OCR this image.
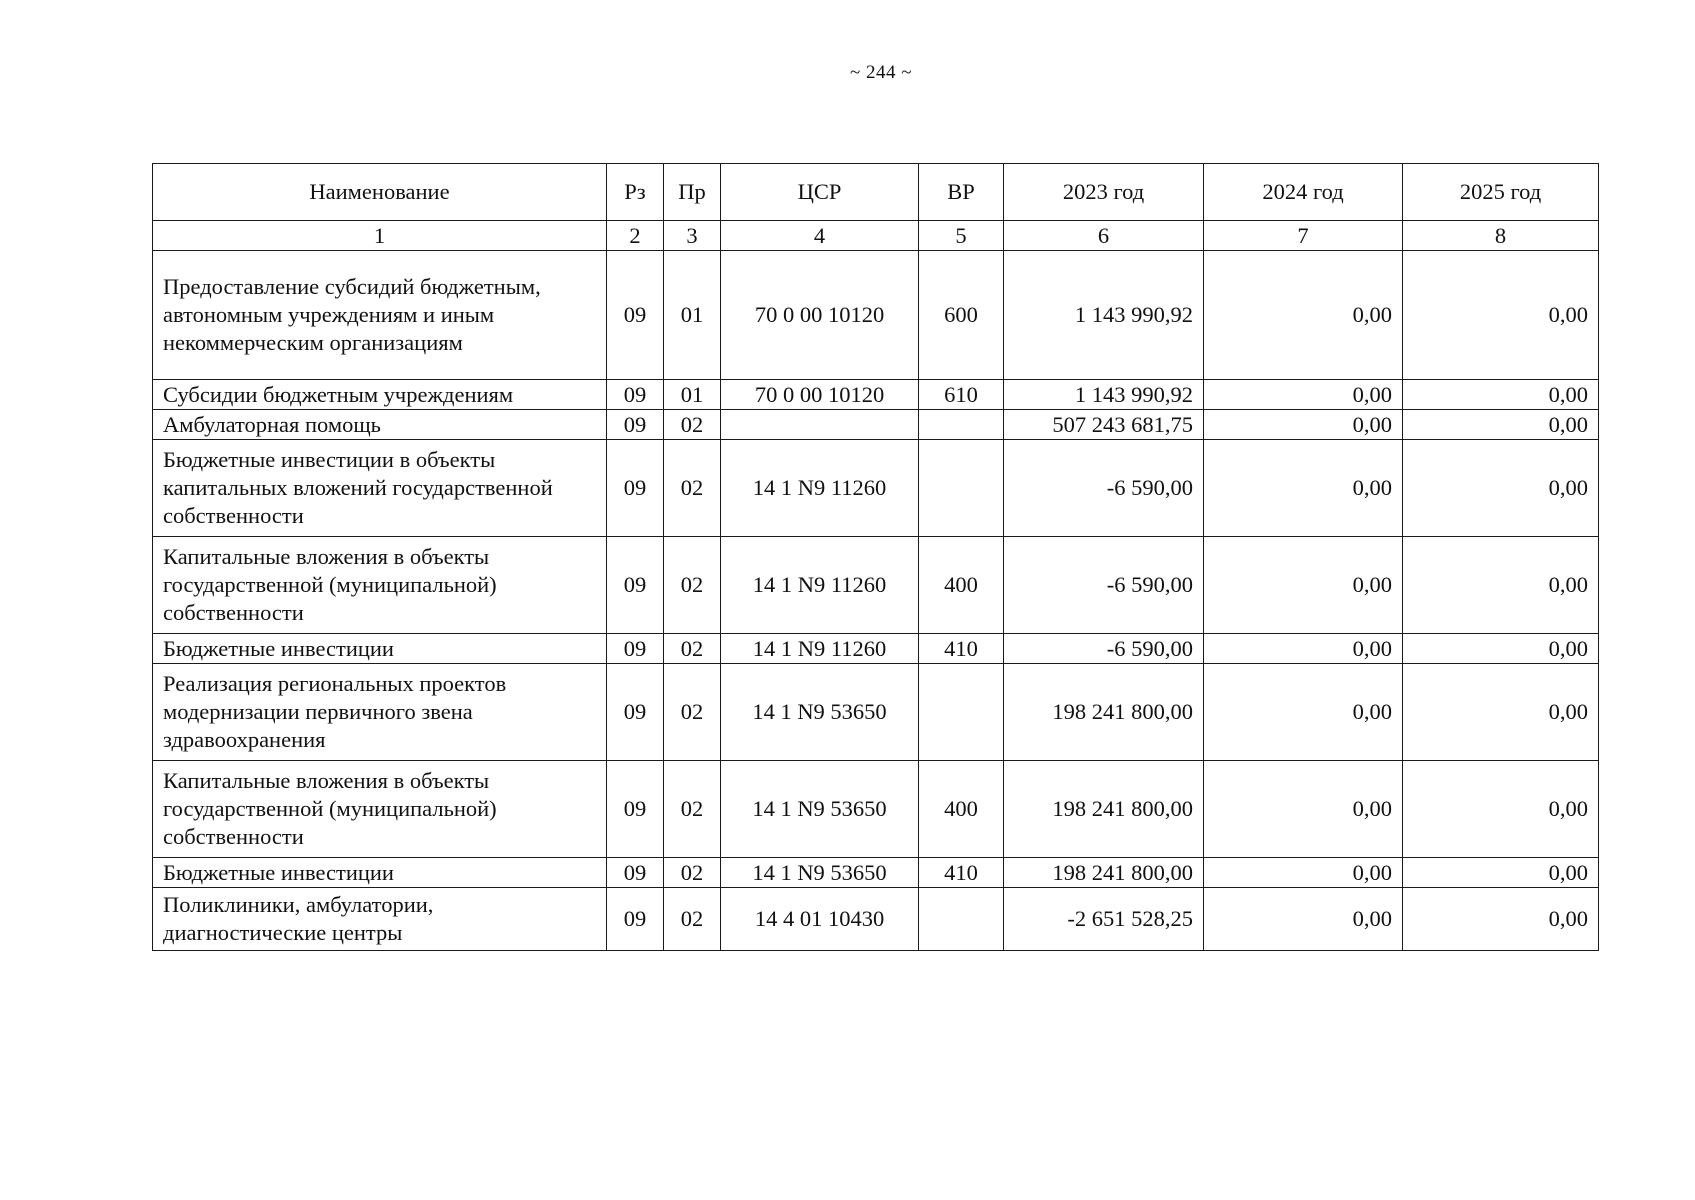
~ 244 ~
Наименование	Рз	Пр	ЦСР	ВР	2023 год	2024 год	2025 год
1	2	3	4	5	6	7	8
Предоставление субсидий бюджетным, автономным учреждениям и иным некоммерческим организациям	09	01	70 0 00 10120	600	1 143 990,92	0,00	0,00
Субсидии бюджетным учреждениям	09	01	70 0 00 10120	610	1 143 990,92	0,00	0,00
Амбулаторная помощь	09	02			507 243 681,75	0,00	0,00
Бюджетные инвестиции в объекты капитальных вложений государственной собственности	09	02	14 1 N9 11260		-6 590,00	0,00	0,00
Капитальные вложения в объекты государственной (муниципальной) собственности	09	02	14 1 N9 11260	400	-6 590,00	0,00	0,00
Бюджетные инвестиции	09	02	14 1 N9 11260	410	-6 590,00	0,00	0,00
Реализация региональных проектов модернизации первичного звена здравоохранения	09	02	14 1 N9 53650		198 241 800,00	0,00	0,00
Капитальные вложения в объекты государственной (муниципальной) собственности	09	02	14 1 N9 53650	400	198 241 800,00	0,00	0,00
Бюджетные инвестиции	09	02	14 1 N9 53650	410	198 241 800,00	0,00	0,00
Поликлиники, амбулатории, диагностические центры	09	02	14 4 01 10430		-2 651 528,25	0,00	0,00
